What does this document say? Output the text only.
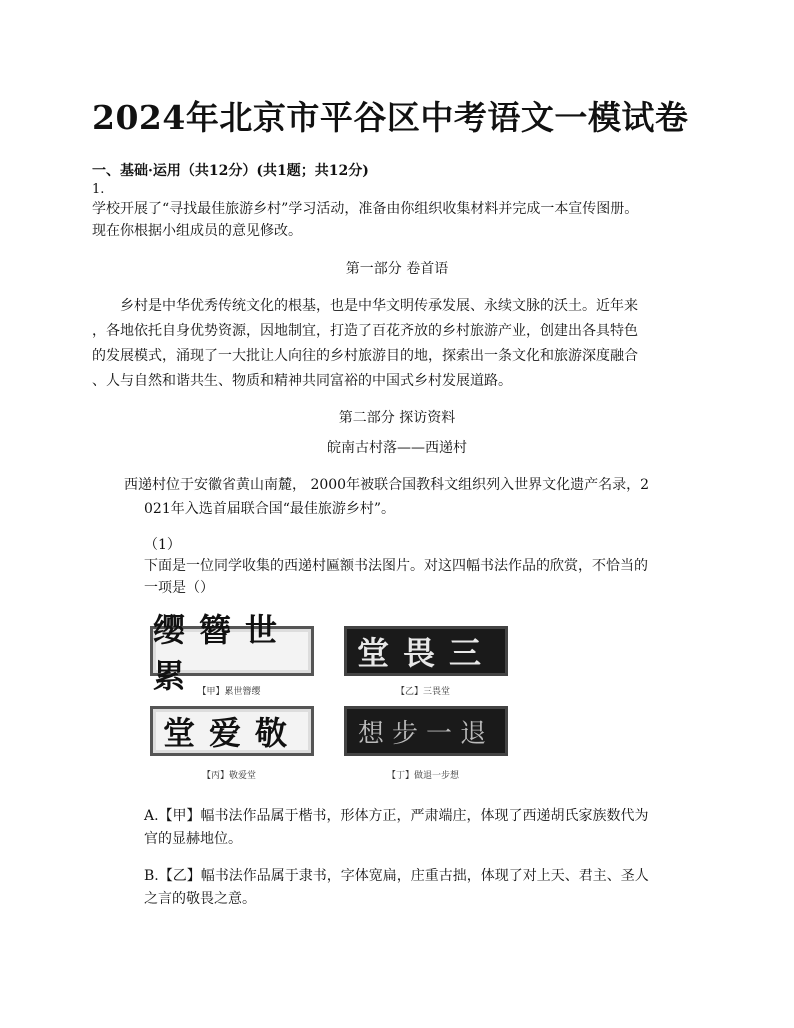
2024年北京市平谷区中考语文一模试卷
一、基础·运用（共12分）(共1题；共12分)
1.
学校开展了“寻找最佳旅游乡村”学习活动，准备由你组织收集材料并完成一本宣传图册。
现在你根据小组成员的意见修改。
第一部分 卷首语
乡村是中华优秀传统文化的根基，也是中华文明传承发展、永续文脉的沃土。近年来
，各地依托自身优势资源，因地制宜，打造了百花齐放的乡村旅游产业，创建出各具特色
的发展模式，涌现了一大批让人向往的乡村旅游目的地，探索出一条文化和旅游深度融合
、人与自然和谐共生、物质和精神共同富裕的中国式乡村发展道路。
第二部分 探访资料
皖南古村落——西递村
西递村位于安徽省黄山南麓， 2000年被联合国教科文组织列入世界文化遗产名录，2
021年入选首届联合国“最佳旅游乡村”。
（1）
下面是一位同学收集的西递村匾额书法图片。对这四幅书法作品的欣赏，不恰当的
一项是（）
缨簪世累
【甲】累世簪缨
堂畏三
【乙】三畏堂
堂爱敬
【丙】敬爱堂
想步一退
【丁】做退一步想
A.【甲】幅书法作品属于楷书，形体方正，严肃端庄，体现了西递胡氏家族数代为
官的显赫地位。
B.【乙】幅书法作品属于隶书，字体宽扁，庄重古拙，体现了对上天、君主、圣人
之言的敬畏之意。
